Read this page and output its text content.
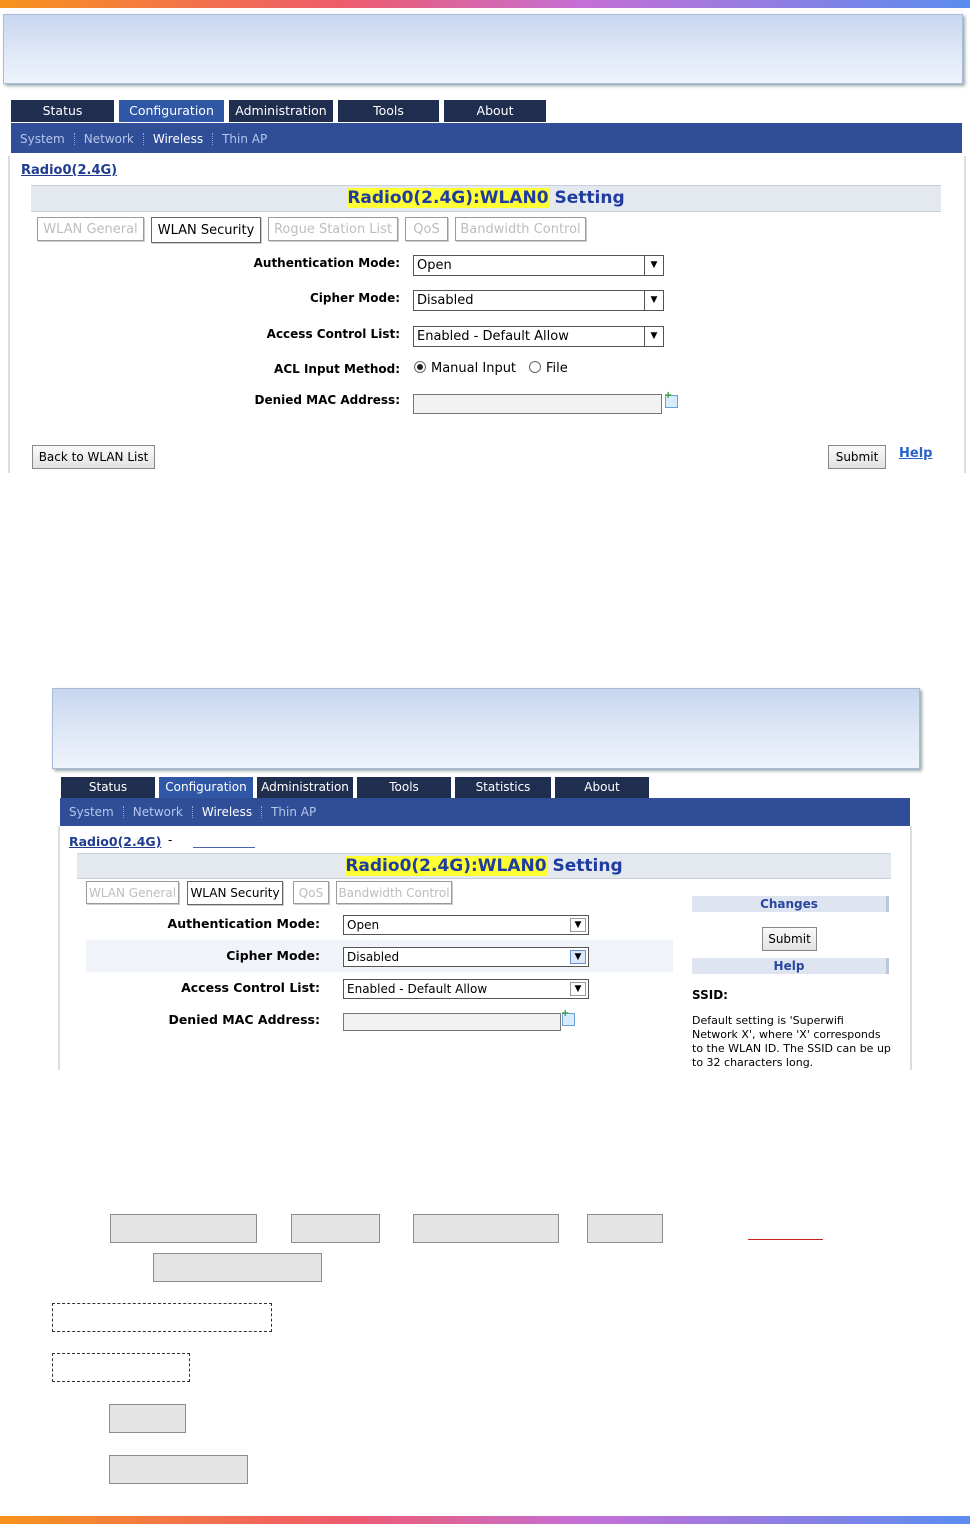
Status	Configuration	Administration	Tools	About
System Network Wireless Thin AP
Radio0(2.4G)
Radio0(2.4G):WLAN0 Setting
WLAN General	WLAN Security	Rogue Station List	QoS	Bandwidth Control
Authentication Mode:	Open	▼
Cipher Mode:	Disabled	▼
Access Control List:	Enabled - Default Allow	▼
ACL Input Method: Manual Input File
Denied MAC Address:
+
Back to WLAN List	Submit	Help
Status	Configuration	Administration	Tools	Statistics	About
System Network Wireless Thin AP
Radio0(2.4G) -
Radio0(2.4G):WLAN0 Setting
WLAN General WLAN Security	QoS	Bandwidth Control
Authentication Mode:	Open	▼
Cipher Mode:	Disabled	▼
Access Control List:	Enabled - Default Allow	▼
Denied MAC Address:
+
Changes
Submit
Help
SSID:
Default setting is 'Superwifi Network X', where 'X' corresponds to the WLAN ID. The SSID can be up to 32 characters long.
